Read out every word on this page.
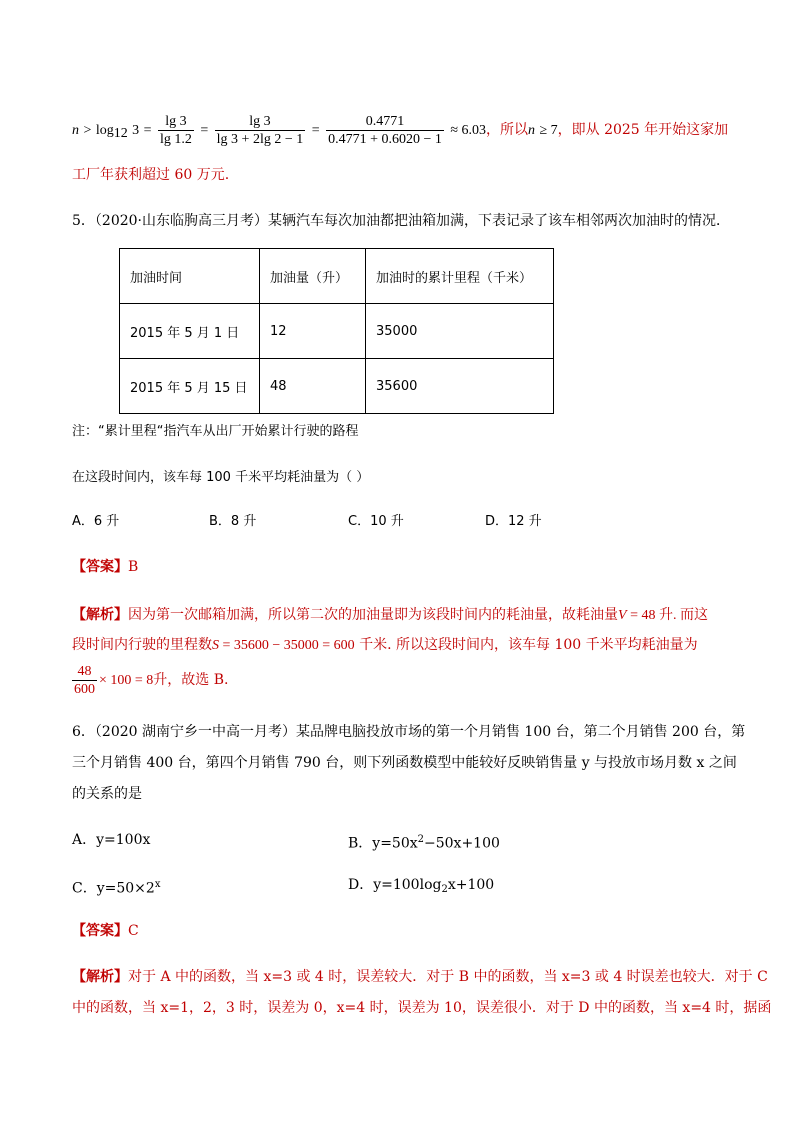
$n > \log_{12} 3 = \frac{\lg 3}{\lg 1.2} = \frac{\lg 3}{\lg 3 + 2\lg 2 - 1} = \frac{0.4771}{0.4771 + 0.6020 - 1} \approx 6.03$，所以n ≥ 7，即从 2025 年开始这家加
工厂年获利超过 60 万元.
5．（2020·山东临朐高三月考）某辆汽车每次加油都把油箱加满，下表记录了该车相邻两次加油时的情况．
加油时间	加油量（升）	加油时的累计里程（千米）
2015 年 5 月 1 日	12	35000
2015 年 5 月 15 日	48	35600
注：“累计里程“指汽车从出厂开始累计行驶的路程
在这段时间内，该车每 100 千米平均耗油量为（ ）
A．6 升	B．8 升	C．10 升	D．12 升
【答案】B
【解析】因为第一次邮箱加满，所以第二次的加油量即为该段时间内的耗油量，故耗油量V = 48 升. 而这
段时间内行驶的里程数S = 35600 − 35000 = 600 千米. 所以这段时间内，该车每 100 千米平均耗油量为
$\frac{48}{600} \times 100 = 8$升，故选 B.
6．（2020 湖南宁乡一中高一月考）某品牌电脑投放市场的第一个月销售 100 台，第二个月销售 200 台，第
三个月销售 400 台，第四个月销售 790 台，则下列函数模型中能较好反映销售量 y 与投放市场月数 x 之间
的关系的是
A．y=100x	B．$y=50x^2-50x+100$
C．$y=50\times 2^x$	D．$y=100\log_2x+100$
【答案】C
【解析】对于 A 中的函数，当 x=3 或 4 时，误差较大．对于 B 中的函数，当 x=3 或 4 时误差也较大．对于 C
中的函数，当 x=1，2，3 时，误差为 0，x=4 时，误差为 10，误差很小．对于 D 中的函数，当 x=4 时，据函
